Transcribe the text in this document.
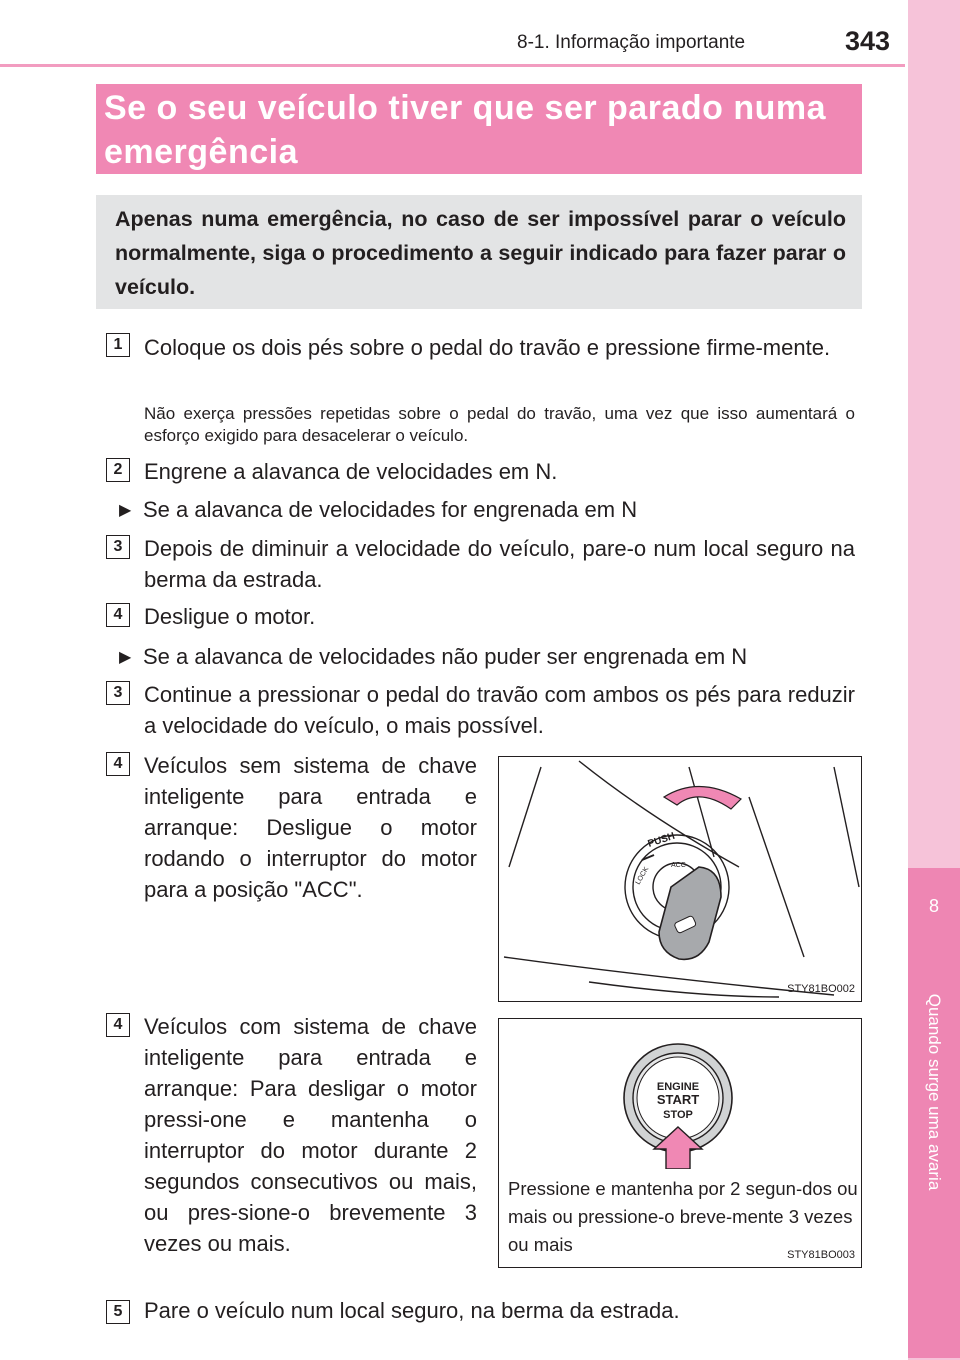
8-1. Informação importante	343
8
Quando surge uma avaria
Se o seu veículo tiver que ser parado numa emergência
Apenas numa emergência, no caso de ser impossível parar o veículo normalmente, siga o procedimento a seguir indicado para fazer parar o veículo.
1 Coloque os dois pés sobre o pedal do travão e pressione firme-mente.
Não exerça pressões repetidas sobre o pedal do travão, uma vez que isso aumentará o esforço exigido para desacelerar o veículo.
2 Engrene a alavanca de velocidades em N.
▶ Se a alavanca de velocidades for engrenada em N
3 Depois de diminuir a velocidade do veículo, pare-o num local seguro na berma da estrada.
4 Desligue o motor.
▶ Se a alavanca de velocidades não puder ser engrenada em N
3 Continue a pressionar o pedal do travão com ambos os pés para reduzir a velocidade do veículo, o mais possível.
4 Veículos sem sistema de chave inteligente para entrada e arranque: Desligue o motor rodando o interruptor do motor para a posição "ACC".
4 Veículos com sistema de chave inteligente para entrada e arranque: Para desligar o motor pressi-one e mantenha o interruptor do motor durante 2 segundos consecutivos ou mais, ou pres-sione-o brevemente 3 vezes ou mais.
5 Pare o veículo num local seguro, na berma da estrada.
PUSH
ACC
LOCK
STY81BO002
ENGINE
START
STOP
Pressione e mantenha por 2 segun-dos ou mais ou pressione-o breve-mente 3 vezes ou mais	STY81BO003
